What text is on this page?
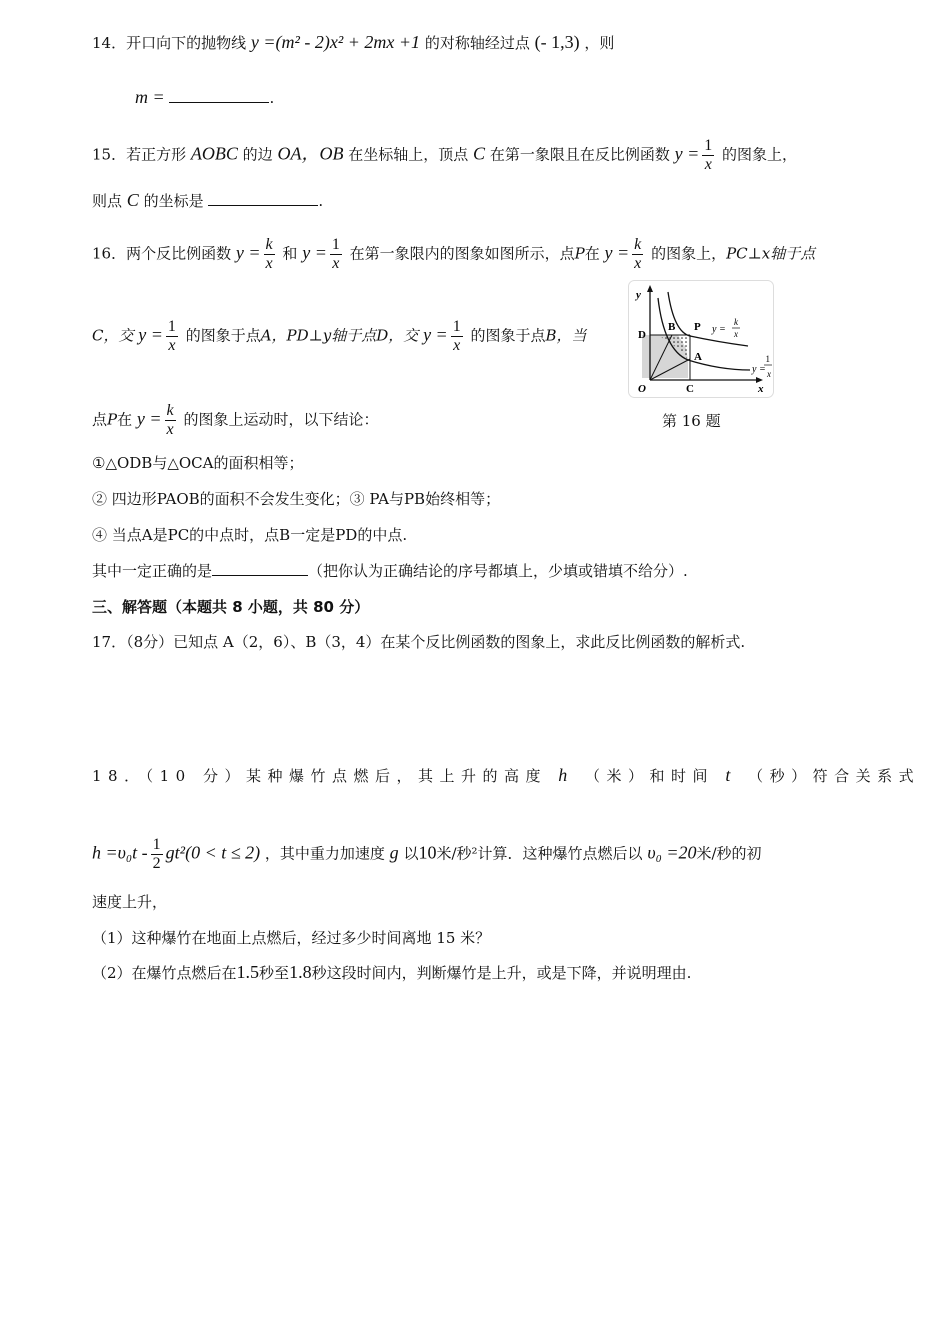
14．开口向下的抛物线 y =(m² - 2)x² + 2mx +1 的对称轴经过点 (- 1,3) ，则
m =	.
15．若正方形 AOBC 的边 OA，OB 在坐标轴上，顶点 C 在第一象限且在反比例函数 $y = \frac{1}{x}$ 的图象上，
则点 C 的坐标是	.
16．两个反比例函数 $y = \frac{k}{x}$ 和 $y = \frac{1}{x}$ 在第一象限内的图象如图所示，点P在 $y = \frac{k}{x}$ 的图象上，PC⊥x轴于点
C，交 $y = \frac{1}{x}$ 的图象于点A，PD⊥y轴于点D，交 $y = \frac{1}{x}$ 的图象于点B，当
点P在 $y = \frac{k}{x}$ 的图象上运动时，以下结论：
①△ODB与△OCA的面积相等；
② 四边形PAOB的面积不会发生变化；③ PA与PB始终相等；
④ 当点A是PC的中点时，点B一定是PD的中点.
其中一定正确的是	（把你认为正确结论的序号都填上，少填或错填不给分）.
y
x
O
D
B P
A
C
y =
k
x
y =
1
x
第 16 题
三、解答题（本题共 8 小题，共 80 分）
17．（8分）已知点 A（2，6）、B（3，4）在某个反比例函数的图象上，求此反比例函数的解析式.
18．（10 分）某种爆竹点燃后，其上升的高度 h （米）和时间 t （秒）符合关系式
$h =\upsilon_0t - \frac{1}{2} gt^2(0 < t \le 2)$ ，其中重力加速度 g 以10米/秒²计算．这种爆竹点燃后以 υ₀ =20米/秒的初
速度上升，
（1）这种爆竹在地面上点燃后，经过多少时间离地 15 米？
（2）在爆竹点燃后在1.5秒至1.8秒这段时间内，判断爆竹是上升，或是下降，并说明理由.
